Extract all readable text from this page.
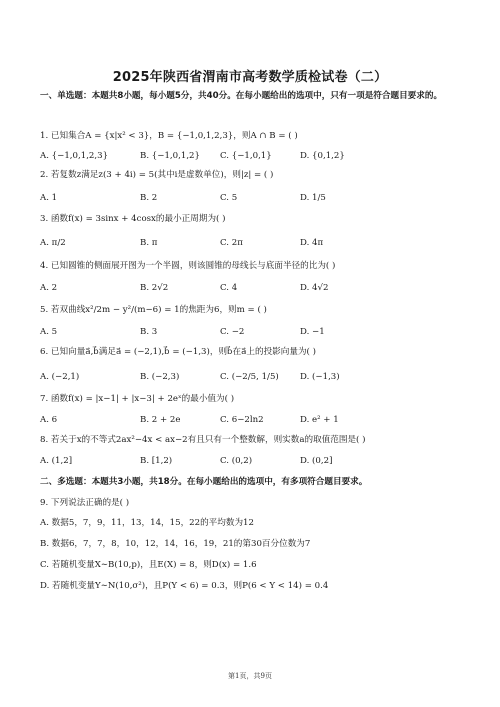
2025年陕西省渭南市高考数学质检试卷（二）
一、单选题：本题共8小题，每小题5分，共40分。在每小题给出的选项中，只有一项是符合题目要求的。
1. 已知集合A = {x|x² < 3}，B = {−1,0,1,2,3}，则A ∩ B = ( )
A. {−1,0,1,2,3}	B. {−1,0,1,2} C. {−1,0,1}	D. {0,1,2}
2. 若复数z满足z(3 + 4i) = 5(其中i是虚数单位)，则|z| = ( )
A. 1	B. 2	C. 5	D. 1/5
3. 函数f(x) = 3sinx + 4cosx的最小正周期为( )
A. π/2	B. π	C. 2π	D. 4π
4. 已知圆锥的侧面展开图为一个半圆，则该圆锥的母线长与底面半径的比为( )
A. 2	B. 2√2	C. 4	D. 4√2
5. 若双曲线x²/2m − y²/(m−6) = 1的焦距为6，则m = ( )
A. 5	B. 3	C. −2	D. −1
6. 已知向量a⃗,b⃗满足a⃗ = (−2,1),b⃗ = (−1,3)，则b⃗在a⃗上的投影向量为( )
A. (−2,1)	B. (−2,3)	C. (−2/5, 1/5) D. (−1,3)
7. 函数f(x) = |x−1| + |x−3| + 2eˣ的最小值为( )
A. 6	B. 2 + 2e	C. 6−2ln2	D. e² + 1
8. 若关于x的不等式2ax²−4x < ax−2有且只有一个整数解，则实数a的取值范围是( )
A. (1,2]	B. [1,2)	C. (0,2)	D. (0,2]
二、多选题：本题共3小题，共18分。在每小题给出的选项中，有多项符合题目要求。
9. 下列说法正确的是( )
A. 数据5，7，9，11，13，14，15，22的平均数为12
B. 数据6，7，7，8，10，12，14，16，19，21的第30百分位数为7
C. 若随机变量X∼B(10,p)，且E(X) = 8，则D(x) = 1.6
D. 若随机变量Y∼N(10,σ²)，且P(Y < 6) = 0.3，则P(6 < Y < 14) = 0.4
第1页，共9页
